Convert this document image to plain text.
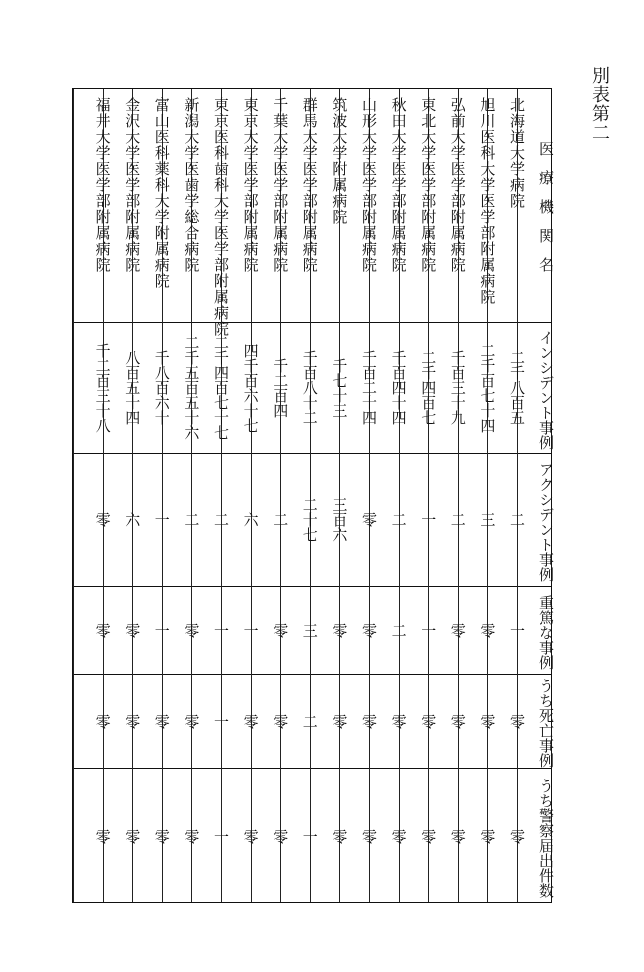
別表第二
医療機関名
インシデント事例
アクシデント事例
重篤な事例
うち死亡事例
うち警察届出件数
北海道大学病院
二千八百五
二
一
零
零
旭川医科大学医学部附属病院
二千百七十四
三
零
零
零
弘前大学医学部附属病院
千百三十九
二
零
零
零
東北大学医学部附属病院
二千四百七
一
一
零
零
秋田大学医学部附属病院
千百四十四
二
二
零
零
山形大学医学部附属病院
千百二十四
零
零
零
零
筑波大学附属病院
千七十三
三百六
零
零
零
群馬大学医学部附属病院
千百八十二
二十七
三
二
一
千葉大学医学部附属病院
千二百四
二
零
零
零
東京大学医学部附属病院
四千百六十七
六
一
零
零
東京医科歯科大学医学部附属病院
二千四百七十七
二
一
一
一
新潟大学医歯学総合病院
二千五百五十六
二
零
零
零
富山医科薬科大学附属病院
千八百六十
一
一
零
零
金沢大学医学部附属病院
八百五十四
六
零
零
零
福井大学医学部附属病院
千二百三十八
零
零
零
零
